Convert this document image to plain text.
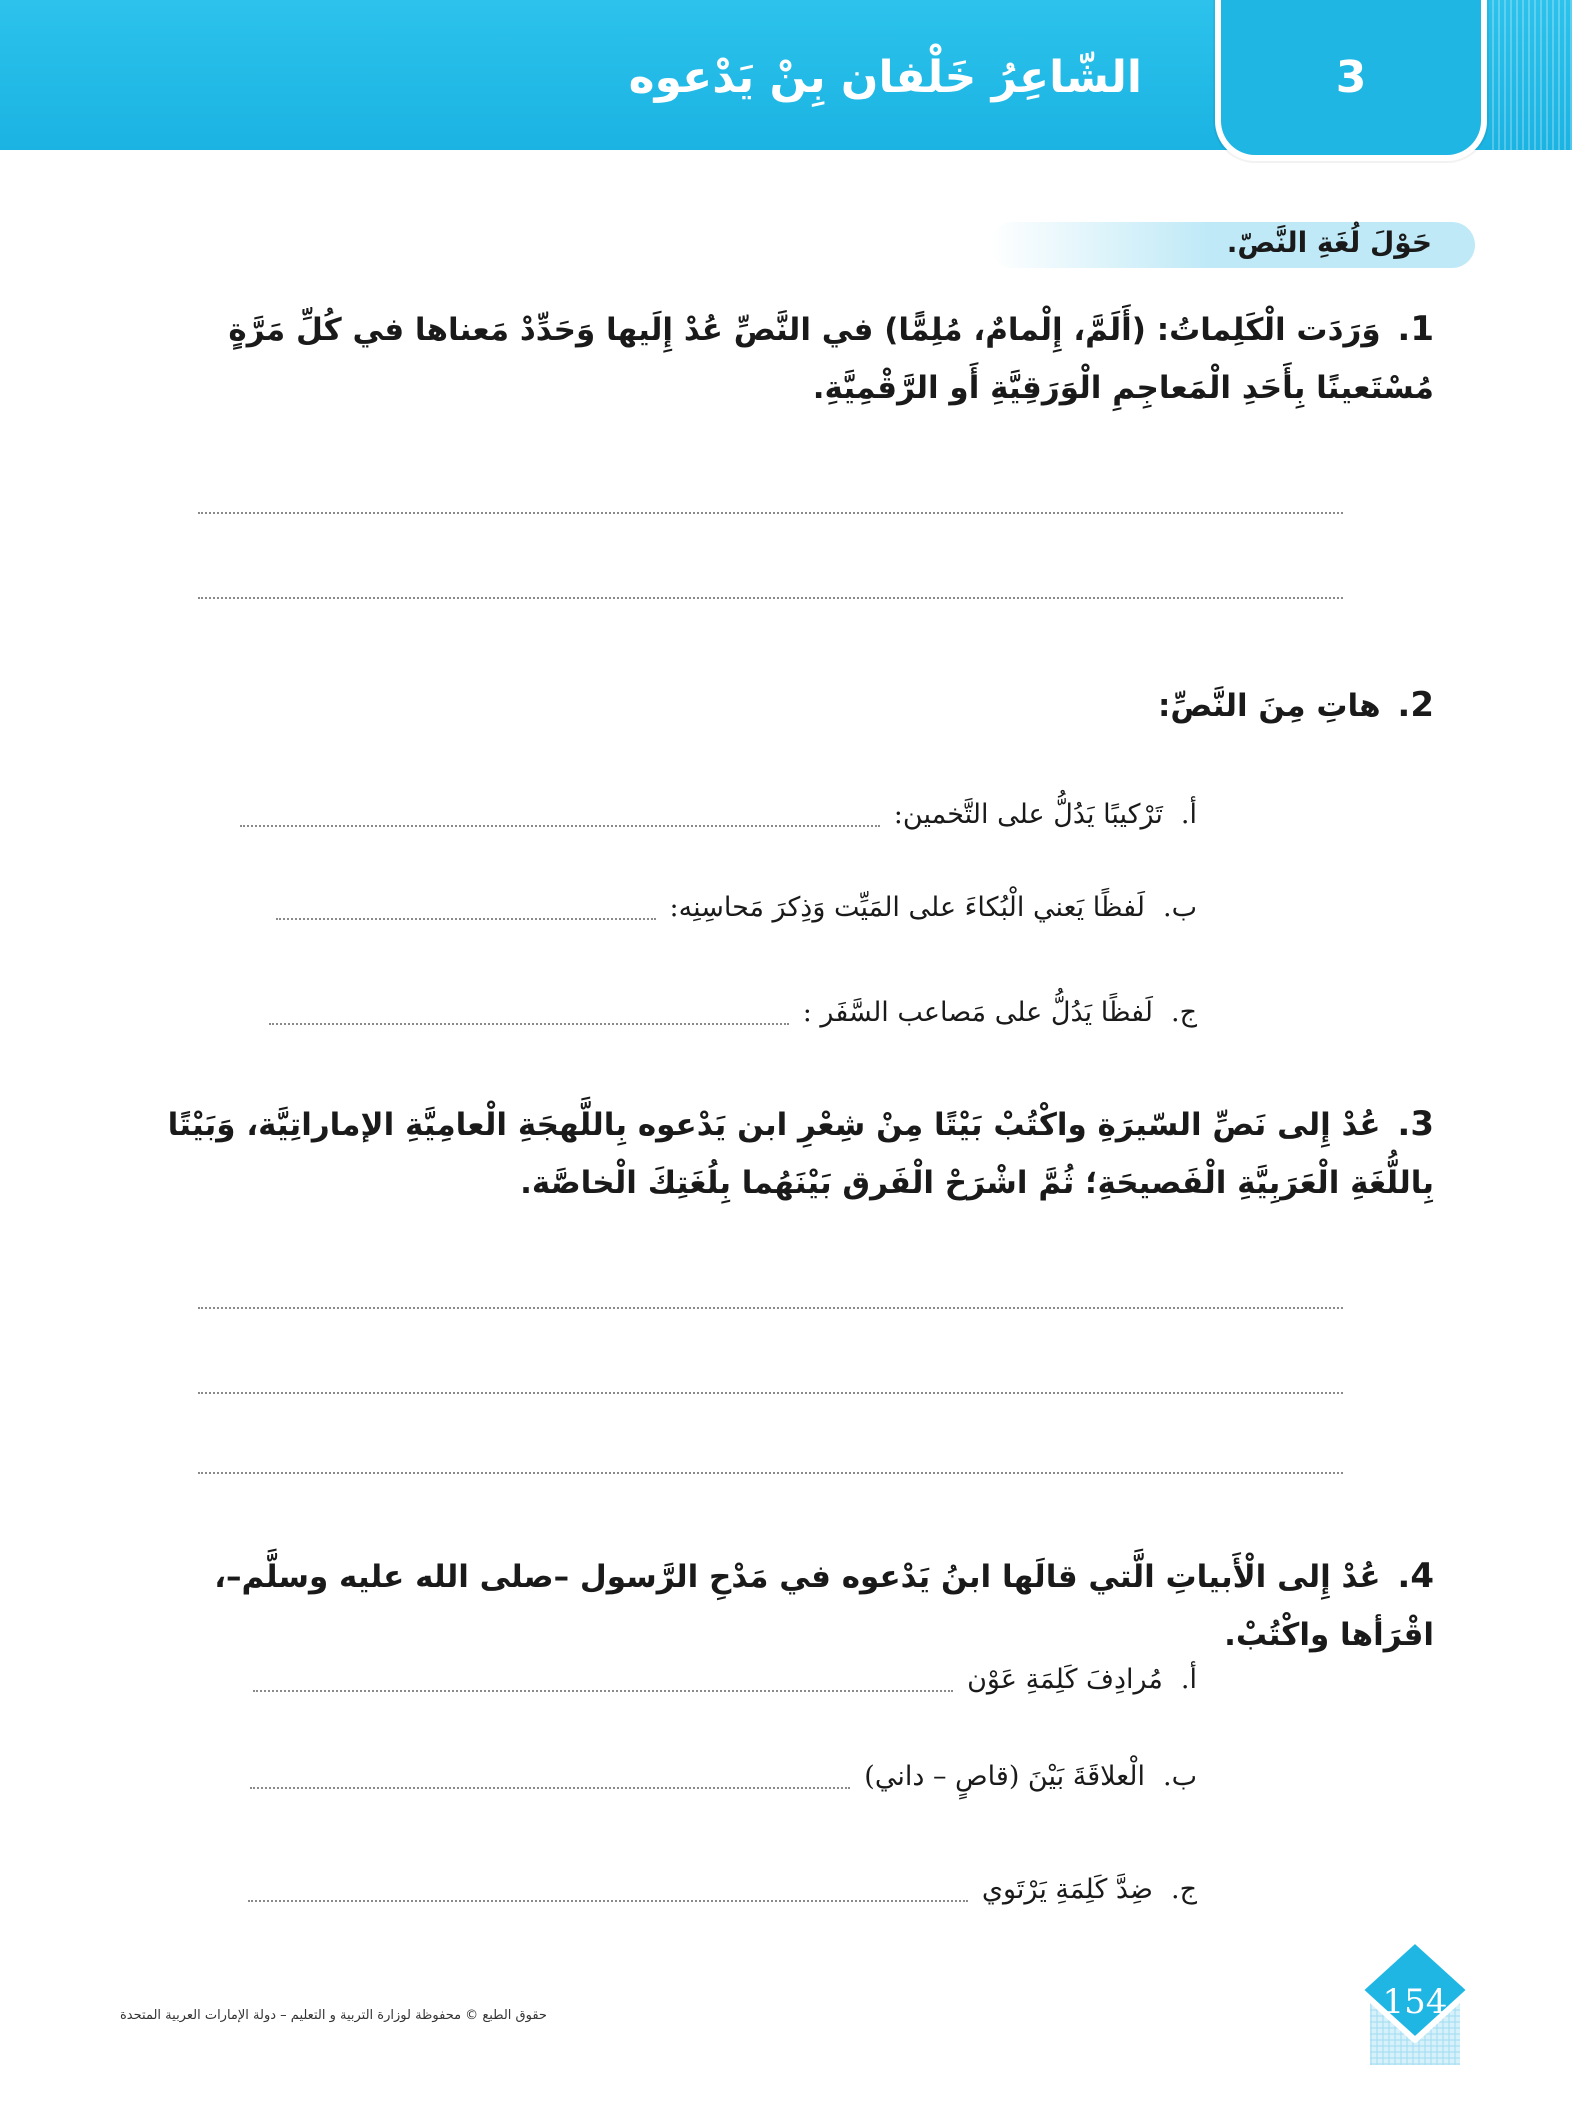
3
الشّاعِرُ خَلْفان بِنْ يَدْعوه
حَوْلَ لُغَةِ النَّصّ.
1. وَرَدَت الْكَلِماتُ: (أَلَمَّ، إِلْمامٌ، مُلِمًّا) في النَّصِّ عُدْ إِلَيها وَحَدِّدْ مَعناها في كُلِّ مَرَّةٍ مُسْتَعينًا بِأَحَدِ الْمَعاجِمِ الْوَرَقِيَّةِ أَو الرَّقْمِيَّةِ.
2. هاتِ مِنَ النَّصِّ:
أ.
تَرْكيبًا يَدُلُّ على التَّخمين:
ب.
لَفظًا يَعني الْبُكاءَ على المَيِّت وَذِكرَ مَحاسِنِه:
ج.
لَفظًا يَدُلُّ على مَصاعب السَّفَر :
3. عُدْ إِلى نَصِّ السّيرَةِ واكْتُبْ بَيْتًا مِنْ شِعْرِ ابن يَدْعوه بِاللَّهجَةِ الْعامِيَّةِ الإماراتِيَّة، وَبَيْتًا بِاللُّغَةِ الْعَرَبِيَّةِ الْفَصيحَةِ؛ ثُمَّ اشْرَحْ الْفَرق بَيْنَهُما بِلُغَتِكَ الْخاصَّة.
4. عُدْ إِلى الْأَبياتِ الَّتي قالَها ابنُ يَدْعوه في مَدْحِ الرَّسول –صلى الله عليه وسلَّم–، اقْرَأها واكْتُبْ.
أ.
مُرادِفَ كَلِمَةِ عَوْن
ب.
الْعلاقَةَ بَيْنَ (قاصٍ – داني)
ج.
ضِدَّ كَلِمَةِ يَرْتَوي
154
حقوق الطبع © محفوظة لوزارة التربية و التعليم – دولة الإمارات العربية المتحدة
